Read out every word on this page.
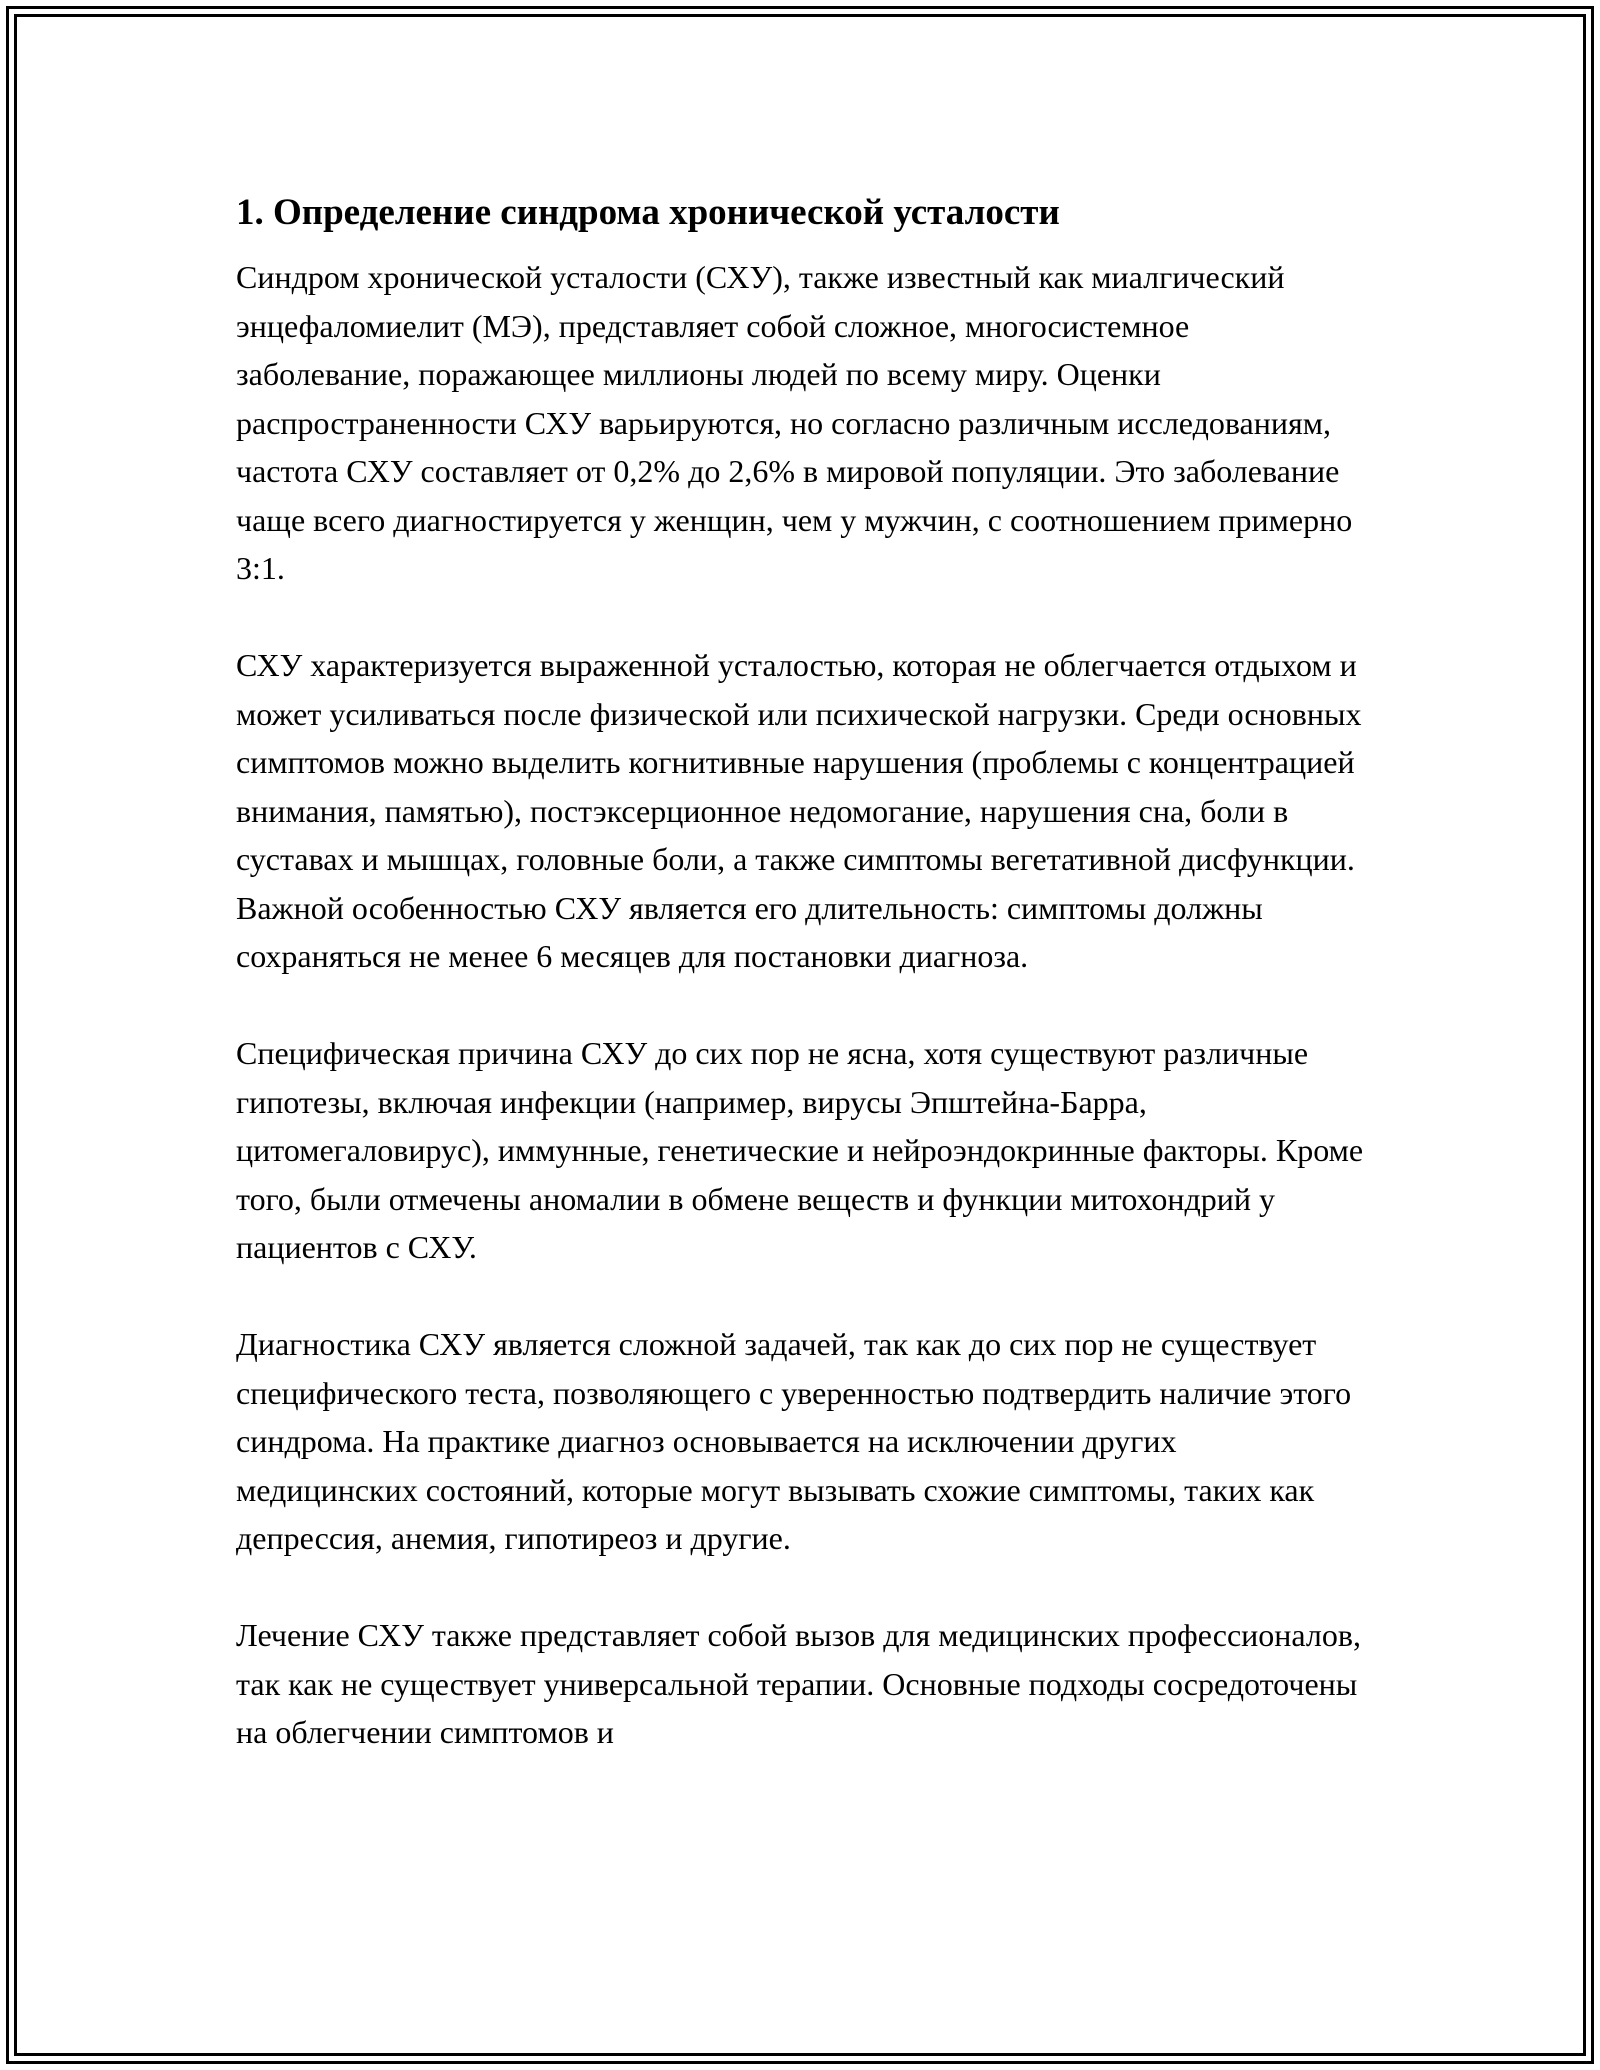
1. Определение синдрома хронической усталости

Синдром хронической усталости (СХУ), также известный как миалгический энцефаломиелит (МЭ), представляет собой сложное, многосистемное заболевание, поражающее миллионы людей по всему миру. Оценки распространенности СХУ варьируются, но согласно различным исследованиям, частота СХУ составляет от 0,2% до 2,6% в мировой популяции. Это заболевание чаще всего диагностируется у женщин, чем у мужчин, с соотношением примерно 3:1.

СХУ характеризуется выраженной усталостью, которая не облегчается отдыхом и может усиливаться после физической или психической нагрузки. Среди основных симптомов можно выделить когнитивные нарушения (проблемы с концентрацией внимания, памятью), постэксерционное недомогание, нарушения сна, боли в суставах и мышцах, головные боли, а также симптомы вегетативной дисфункции. Важной особенностью СХУ является его длительность: симптомы должны сохраняться не менее 6 месяцев для постановки диагноза.

Специфическая причина СХУ до сих пор не ясна, хотя существуют различные гипотезы, включая инфекции (например, вирусы Эпштейна-Барра, цитомегаловирус), иммунные, генетические и нейроэндокринные факторы. Кроме того, были отмечены аномалии в обмене веществ и функции митохондрий у пациентов с СХУ.

Диагностика СХУ является сложной задачей, так как до сих пор не существует специфического теста, позволяющего с уверенностью подтвердить наличие этого синдрома. На практике диагноз основывается на исключении других медицинских состояний, которые могут вызывать схожие симптомы, таких как депрессия, анемия, гипотиреоз и другие.

Лечение СХУ также представляет собой вызов для медицинских профессионалов, так как не существует универсальной терапии. Основные подходы сосредоточены на облегчении симптомов и
